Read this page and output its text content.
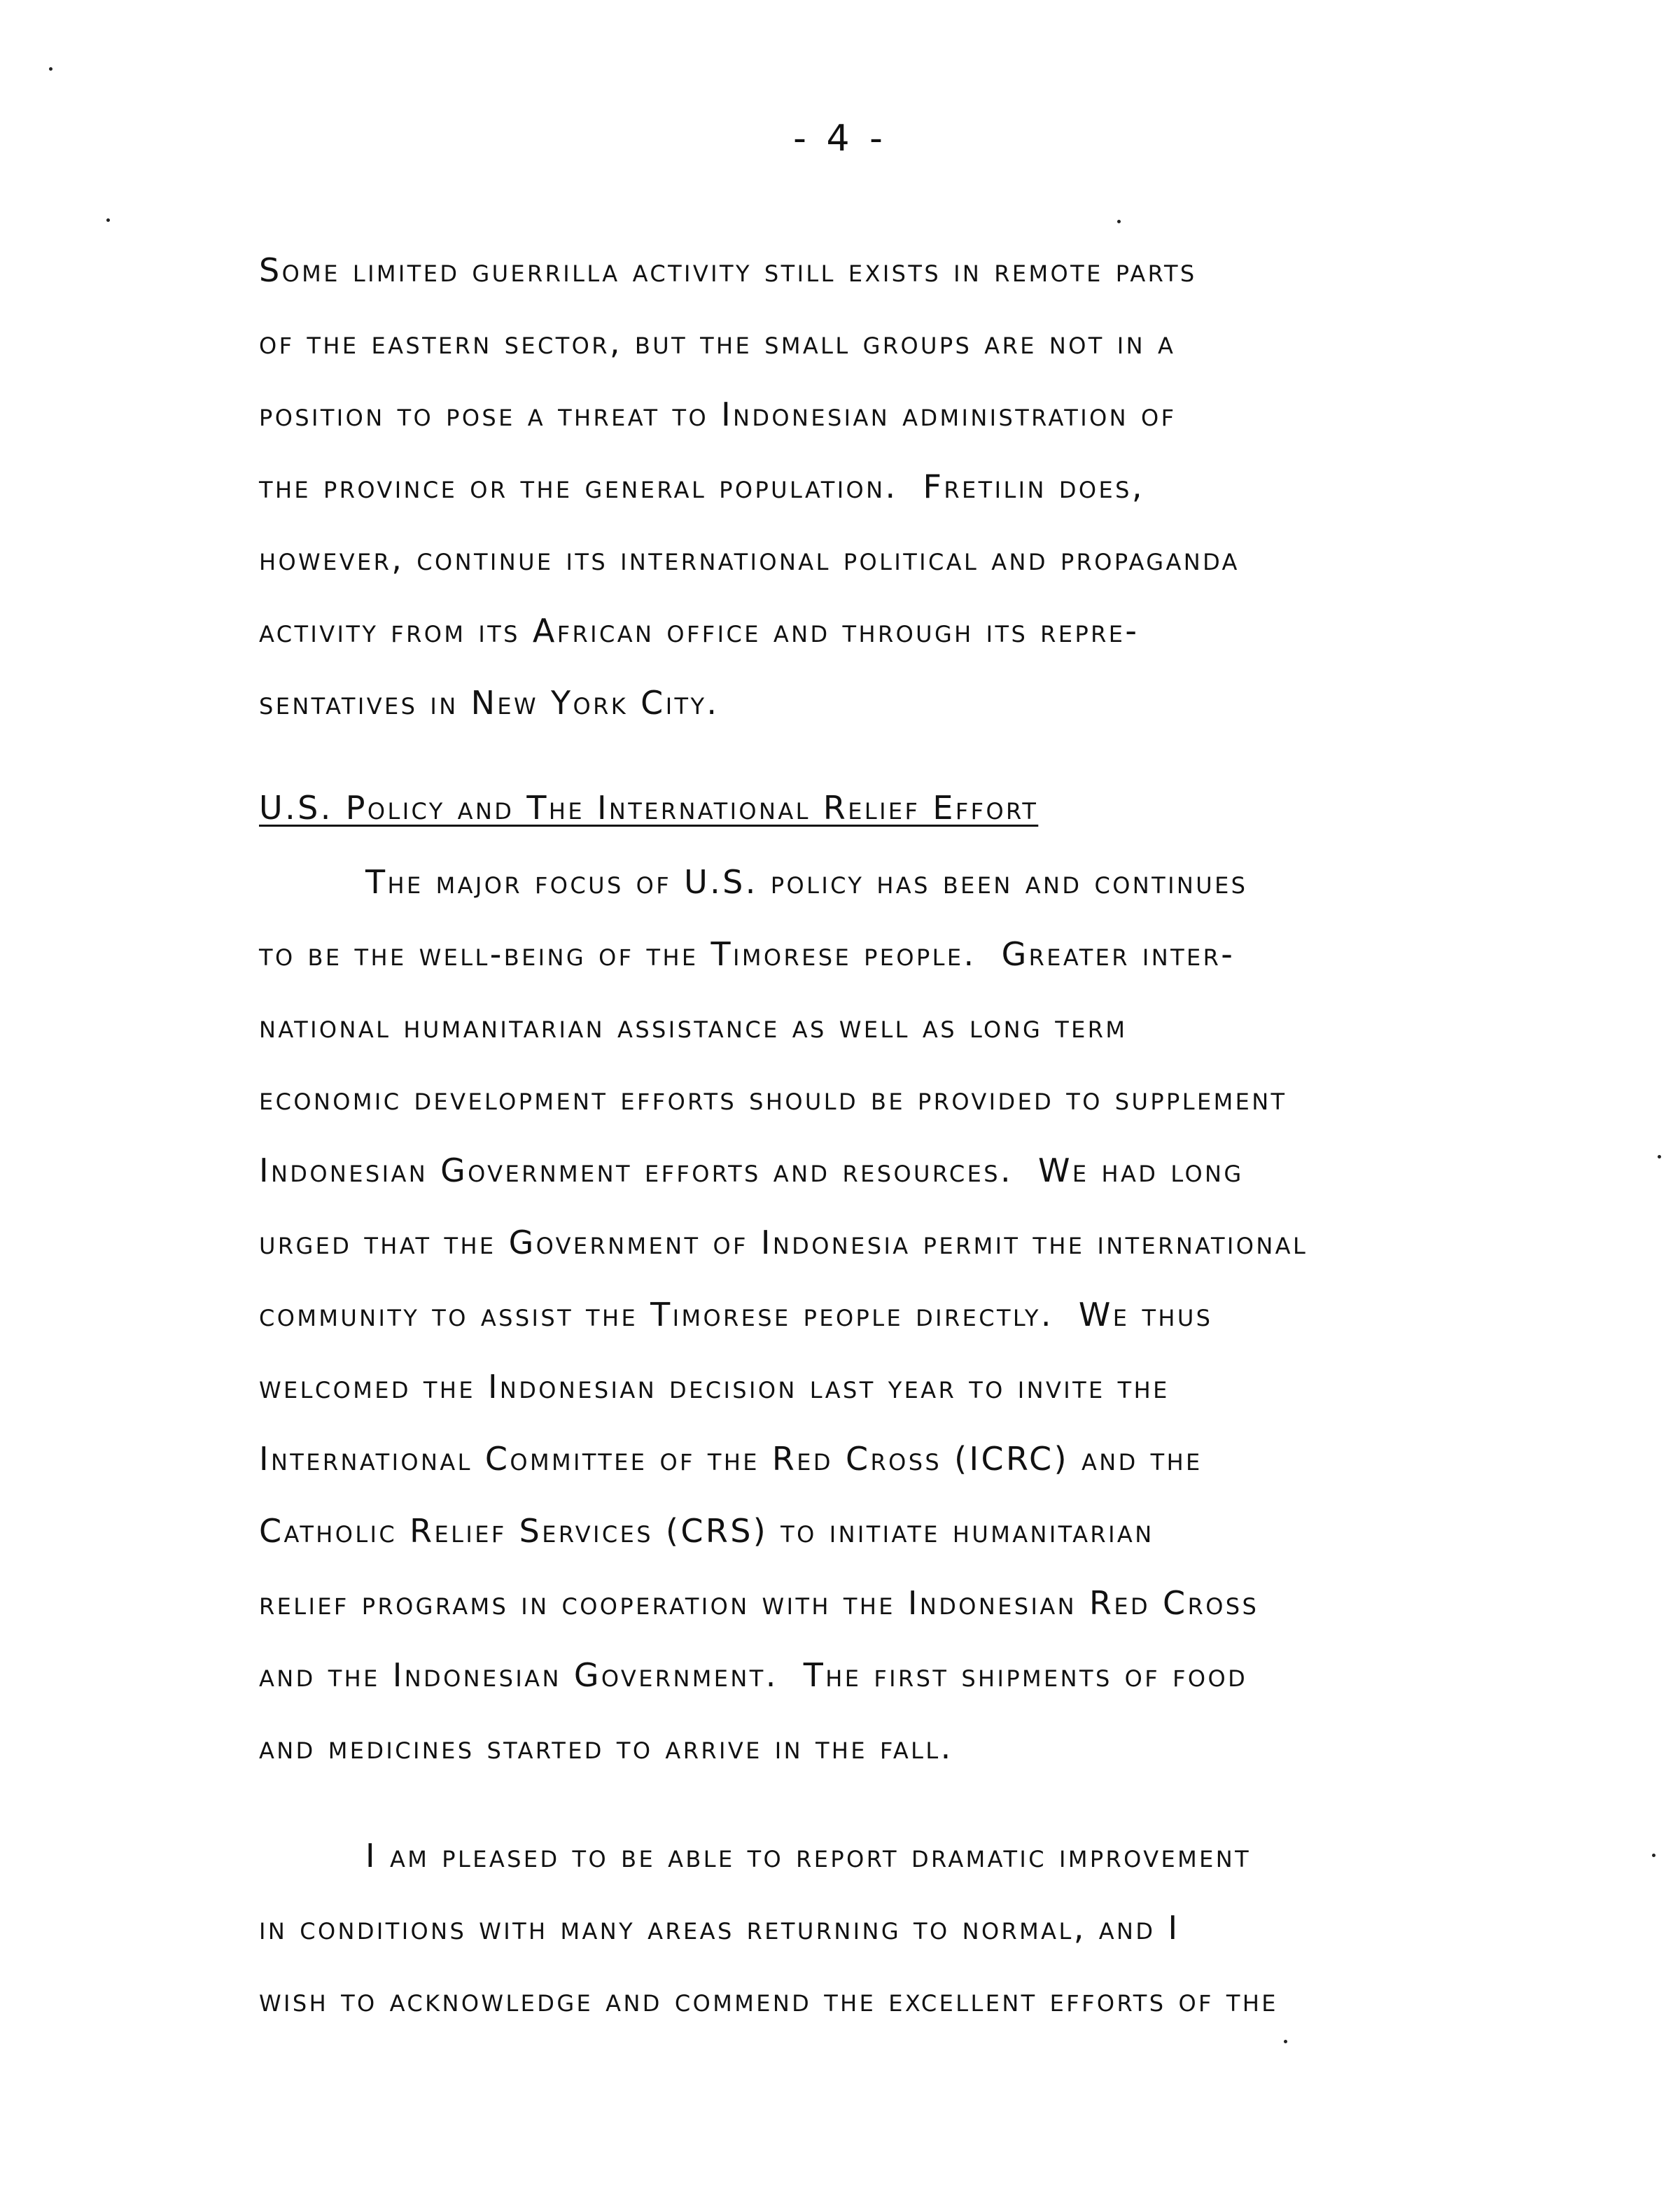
- 4 -

Some limited guerrilla activity still exists in remote parts

of the eastern sector, but the small groups are not in a

position to pose a threat to Indonesian administration of

the province or the general population.  Fretilin does,

however, continue its international political and propaganda

activity from its African office and through its repre-

sentatives in New York City.

U.S. Policy and The International Relief Effort

The major focus of U.S. policy has been and continues

to be the well-being of the Timorese people.  Greater inter-

national humanitarian assistance as well as long term

economic development efforts should be provided to supplement

Indonesian Government efforts and resources.  We had long

urged that the Government of Indonesia permit the international

community to assist the Timorese people directly.  We thus

welcomed the Indonesian decision last year to invite the

International Committee of the Red Cross (ICRC) and the

Catholic Relief Services (CRS) to initiate humanitarian

relief programs in cooperation with the Indonesian Red Cross

and the Indonesian Government.  The first shipments of food

and medicines started to arrive in the fall.

I am pleased to be able to report dramatic improvement

in conditions with many areas returning to normal, and I

wish to acknowledge and commend the excellent efforts of the
